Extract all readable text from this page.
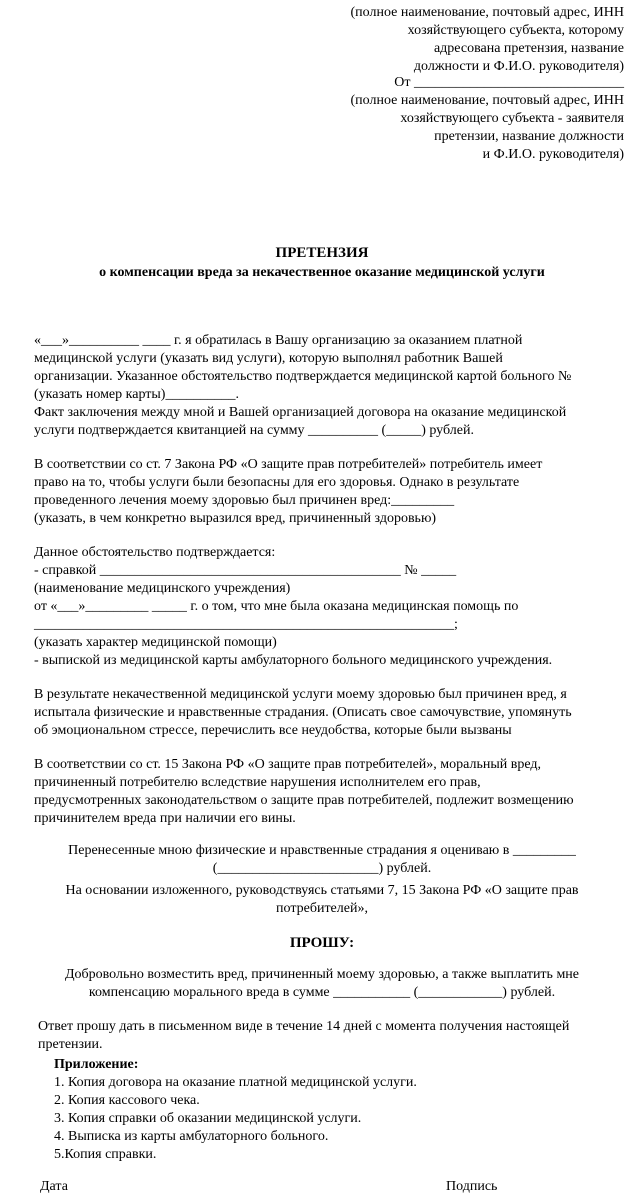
(полное наименование, почтовый адрес, ИНН
хозяйствующего субъекта, которому
адресована претензия, название
должности и Ф.И.О. руководителя)
От ______________________________
(полное наименование, почтовый адрес, ИНН
хозяйствующего субъекта - заявителя
претензии, название должности
и Ф.И.О. руководителя)
ПРЕТЕНЗИЯ
о компенсации вреда за некачественное оказание медицинской услуги
«___»__________ ____ г. я обратилась в Вашу организацию за оказанием платной
медицинской услуги (указать вид услуги), которую выполнял работник Вашей
организации. Указанное обстоятельство подтверждается медицинской картой больного №
(указать номер карты)__________.
Факт заключения между мной и Вашей организацией договора на оказание медицинской
услуги подтверждается квитанцией на сумму __________ (_____) рублей.
В соответствии со ст. 7 Закона РФ «О защите прав потребителей» потребитель имеет
право на то, чтобы услуги были безопасны для его здоровья. Однако в результате
проведенного лечения моему здоровью был причинен вред:_________
(указать, в чем конкретно выразился вред, причиненный здоровью)
Данное обстоятельство подтверждается:
- справкой ___________________________________________ № _____
(наименование медицинского учреждения)
от «___»_________ _____ г. о том, что мне была оказана медицинская помощь по
____________________________________________________________;
(указать характер медицинской помощи)
- выпиской из медицинской карты амбулаторного больного медицинского учреждения.
В результате некачественной медицинской услуги моему здоровью был причинен вред, я
испытала физические и нравственные страдания. (Описать свое самочувствие, упомянуть
об эмоциональном стрессе, перечислить все неудобства, которые были вызваны
В соответствии со ст. 15 Закона РФ «О защите прав потребителей», моральный вред,
причиненный потребителю вследствие нарушения исполнителем его прав,
предусмотренных законодательством о защите прав потребителей, подлежит возмещению
причинителем вреда при наличии его вины.
Перенесенные мною физические и нравственные страдания я оцениваю в _________
(_______________________) рублей.
На основании изложенного, руководствуясь статьями 7, 15 Закона РФ «О защите прав
потребителей»,
ПРОШУ:
Добровольно возместить вред, причиненный моему здоровью, а также выплатить мне
компенсацию морального вреда в сумме ___________ (____________) рублей.
Ответ прошу дать в письменном виде в течение 14 дней с момента получения настоящей
претензии.
Приложение:
1. Копия договора на оказание платной медицинской услуги.
2. Копия кассового чека.
3. Копия справки об оказании медицинской услуги.
4. Выписка из карты амбулаторного больного.
5.Копия справки.
Дата	Подпись
